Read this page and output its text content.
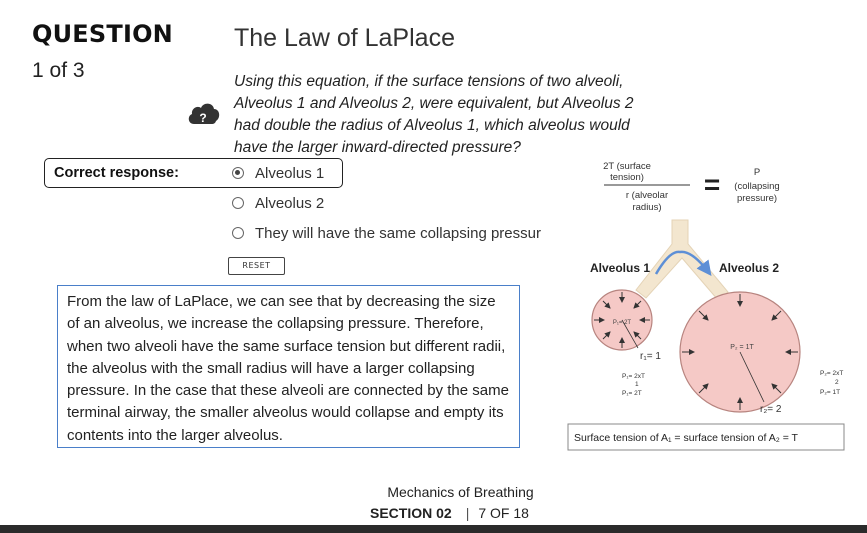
QUESTION
1 of 3
The Law of LaPlace
?
Using this equation, if the surface tensions of two alveoli, Alveolus 1 and Alveolus 2, were equivalent, but Alveolus 2 had double the radius of Alveolus 1, which alveolus would have the larger inward-directed pressure?
Correct response:	Alveolus 1
Alveolus 2
They will have the same collapsing pressur
RESET
From the law of LaPlace, we can see that by decreasing the size of an alveolus, we increase the collapsing pressure. Therefore, when two alveoli have the same surface tension but different radii, the alveolus with the small radius will have a larger collapsing pressure. In the case that these alveoli are connected by the same terminal airway, the smaller alveolus would collapse and empty its contents into the larger alveolus.
2T (surface
tension)
r (alveolar
radius)
=	P
(collapsing
pressure)
Alveolus 1	Alveolus 2
P₁= 2T
r₁= 1
P₁= 2xT
1
P₁= 2T
P₂ = 1T
r₂= 2
P₂= 2xT
2
P₂= 1T
Surface tension of A₁ = surface tension of A₂ = T
Mechanics of Breathing
SECTION 02 | 7 OF 18
